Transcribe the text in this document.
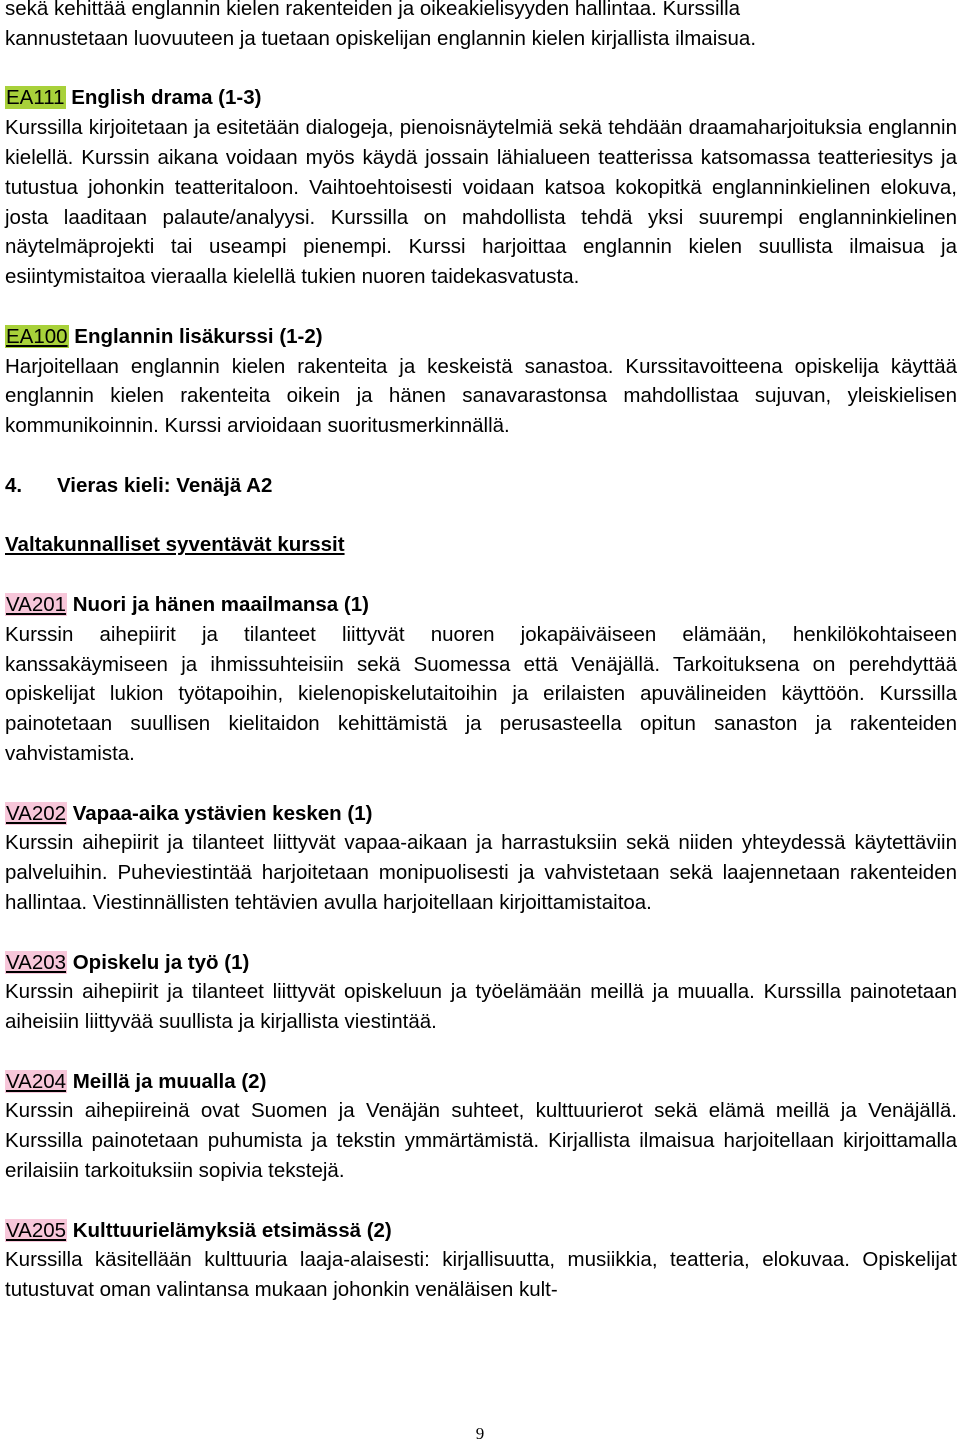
sekä kehittää englannin kielen rakenteiden ja oikeakielisyyden hallintaa. Kurssilla
kannustetaan luovuuteen ja tuetaan opiskelijan englannin kielen kirjallista ilmaisua.

EA111 English drama (1-3)

Kurssilla kirjoitetaan ja esitetään dialogeja, pienoisnäytelmiä sekä tehdään draamaharjoituksia englannin kielellä. Kurssin aikana voidaan myös käydä jossain lähialueen teatterissa katsomassa teatteriesitys ja tutustua johonkin teatteritaloon. Vaihtoehtoisesti voidaan katsoa kokopitkä englanninkielinen elokuva, josta laaditaan palaute/analyysi. Kurssilla on mahdollista tehdä yksi suurempi englanninkielinen näytelmäprojekti tai useampi pienempi. Kurssi harjoittaa englannin kielen suullista ilmaisua ja esiintymistaitoa vieraalla kielellä tukien nuoren taidekasvatusta.

EA100 Englannin lisäkurssi (1-2)

Harjoitellaan englannin kielen rakenteita ja keskeistä sanastoa. Kurssitavoitteena opiskelija käyttää englannin kielen rakenteita oikein ja hänen sanavarastonsa mahdollistaa sujuvan, yleiskielisen kommunikoinnin. Kurssi arvioidaan suoritusmerkinnällä.

4. Vieras kieli: Venäjä A2

Valtakunnalliset syventävät kurssit

VA201 Nuori ja hänen maailmansa (1)

Kurssin aihepiirit ja tilanteet liittyvät nuoren jokapäiväiseen elämään, henkilökohtaiseen kanssakäymiseen ja ihmissuhteisiin sekä Suomessa että Venäjällä. Tarkoituksena on perehdyttää opiskelijat lukion työtapoihin, kielenopiskelutaitoihin ja erilaisten apuvälineiden käyttöön. Kurssilla painotetaan suullisen kielitaidon kehittämistä ja perusasteella opitun sanaston ja rakenteiden vahvistamista.

VA202 Vapaa-aika ystävien kesken (1)

Kurssin aihepiirit ja tilanteet liittyvät vapaa-aikaan ja harrastuksiin sekä niiden yhteydessä käytettäviin palveluihin. Puheviestintää harjoitetaan monipuolisesti ja vahvistetaan sekä laajennetaan rakenteiden hallintaa. Viestinnällisten tehtävien avulla harjoitellaan kirjoittamistaitoa.

VA203 Opiskelu ja työ (1)

Kurssin aihepiirit ja tilanteet liittyvät opiskeluun ja työelämään meillä ja muualla. Kurssilla painotetaan aiheisiin liittyvää suullista ja kirjallista viestintää.

VA204 Meillä ja muualla (2)

Kurssin aihepiireinä ovat Suomen ja Venäjän suhteet, kulttuurierot sekä elämä meillä ja Venäjällä. Kurssilla painotetaan puhumista ja tekstin ymmärtämistä. Kirjallista ilmaisua harjoitellaan kirjoittamalla erilaisiin tarkoituksiin sopivia tekstejä.

VA205 Kulttuurielämyksiä etsimässä (2)

Kurssilla käsitellään kulttuuria laaja-alaisesti: kirjallisuutta, musiikkia, teatteria, elokuvaa. Opiskelijat tutustuvat oman valintansa mukaan johonkin venäläisen kult-

9
